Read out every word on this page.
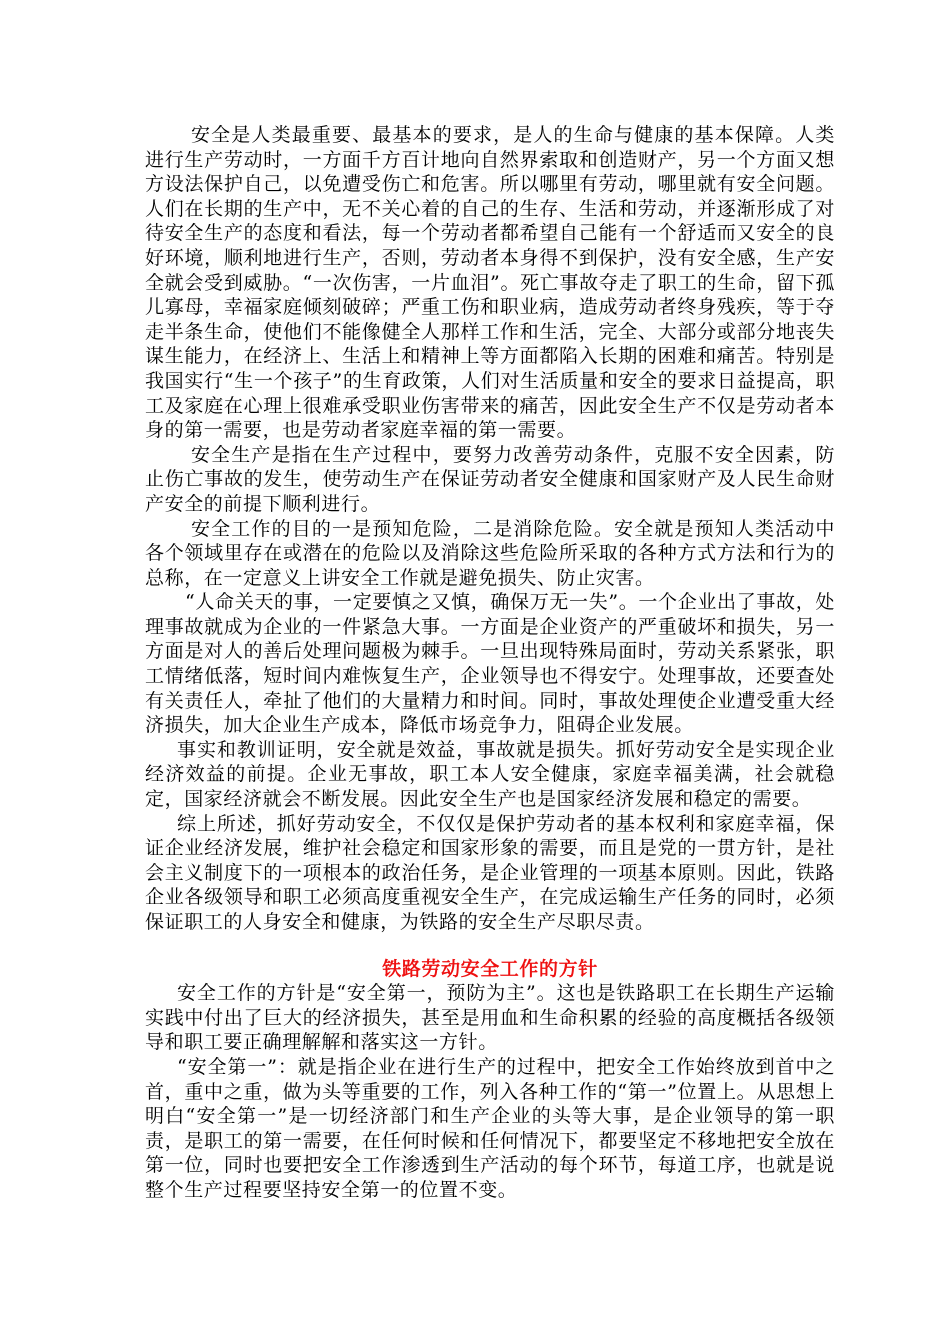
安全是人类最重要、最基本的要求，是人的生命与健康的基本保障。人类进行生产劳动时，一方面千方百计地向自然界索取和创造财产，另一个方面又想方设法保护自己，以免遭受伤亡和危害。所以哪里有劳动，哪里就有安全问题。人们在长期的生产中，无不关心着的自己的生存、生活和劳动，并逐渐形成了对待安全生产的态度和看法，每一个劳动者都希望自己能有一个舒适而又安全的良好环境，顺利地进行生产，否则，劳动者本身得不到保护，没有安全感，生产安全就会受到威胁。“一次伤害，一片血泪”。死亡事故夺走了职工的生命，留下孤儿寡母，幸福家庭倾刻破碎；严重工伤和职业病，造成劳动者终身残疾，等于夺走半条生命，使他们不能像健全人那样工作和生活，完全、大部分或部分地丧失谋生能力，在经济上、生活上和精神上等方面都陷入长期的困难和痛苦。特别是我国实行“生一个孩子”的生育政策，人们对生活质量和安全的要求日益提高，职工及家庭在心理上很难承受职业伤害带来的痛苦，因此安全生产不仅是劳动者本身的第一需要，也是劳动者家庭幸福的第一需要。

安全生产是指在生产过程中，要努力改善劳动条件，克服不安全因素，防止伤亡事故的发生，使劳动生产在保证劳动者安全健康和国家财产及人民生命财产安全的前提下顺利进行。

安全工作的目的一是预知危险，二是消除危险。安全就是预知人类活动中各个领域里存在或潜在的危险以及消除这些危险所采取的各种方式方法和行为的总称，在一定意义上讲安全工作就是避免损失、防止灾害。

“人命关天的事，一定要慎之又慎，确保万无一失”。一个企业出了事故，处理事故就成为企业的一件紧急大事。一方面是企业资产的严重破坏和损失，另一方面是对人的善后处理问题极为棘手。一旦出现特殊局面时，劳动关系紧张，职工情绪低落，短时间内难恢复生产，企业领导也不得安宁。处理事故，还要查处有关责任人，牵扯了他们的大量精力和时间。同时，事故处理使企业遭受重大经济损失，加大企业生产成本，降低市场竞争力，阻碍企业发展。

事实和教训证明，安全就是效益，事故就是损失。抓好劳动安全是实现企业经济效益的前提。企业无事故，职工本人安全健康，家庭幸福美满，社会就稳定，国家经济就会不断发展。因此安全生产也是国家经济发展和稳定的需要。

综上所述，抓好劳动安全，不仅仅是保护劳动者的基本权利和家庭幸福，保证企业经济发展，维护社会稳定和国家形象的需要，而且是党的一贯方针，是社会主义制度下的一项根本的政治任务，是企业管理的一项基本原则。因此，铁路企业各级领导和职工必须高度重视安全生产，在完成运输生产任务的同时，必须保证职工的人身安全和健康，为铁路的安全生产尽职尽责。

铁路劳动安全工作的方针

安全工作的方针是“安全第一，预防为主”。这也是铁路职工在长期生产运输实践中付出了巨大的经济损失，甚至是用血和生命积累的经验的高度概括各级领导和职工要正确理解解和落实这一方针。

“安全第一”：就是指企业在进行生产的过程中，把安全工作始终放到首中之首，重中之重，做为头等重要的工作，列入各种工作的“第一”位置上。从思想上明白“安全第一”是一切经济部门和生产企业的头等大事，是企业领导的第一职责，是职工的第一需要，在任何时候和任何情况下，都要坚定不移地把安全放在第一位，同时也要把安全工作渗透到生产活动的每个环节，每道工序，也就是说整个生产过程要坚持安全第一的位置不变。
